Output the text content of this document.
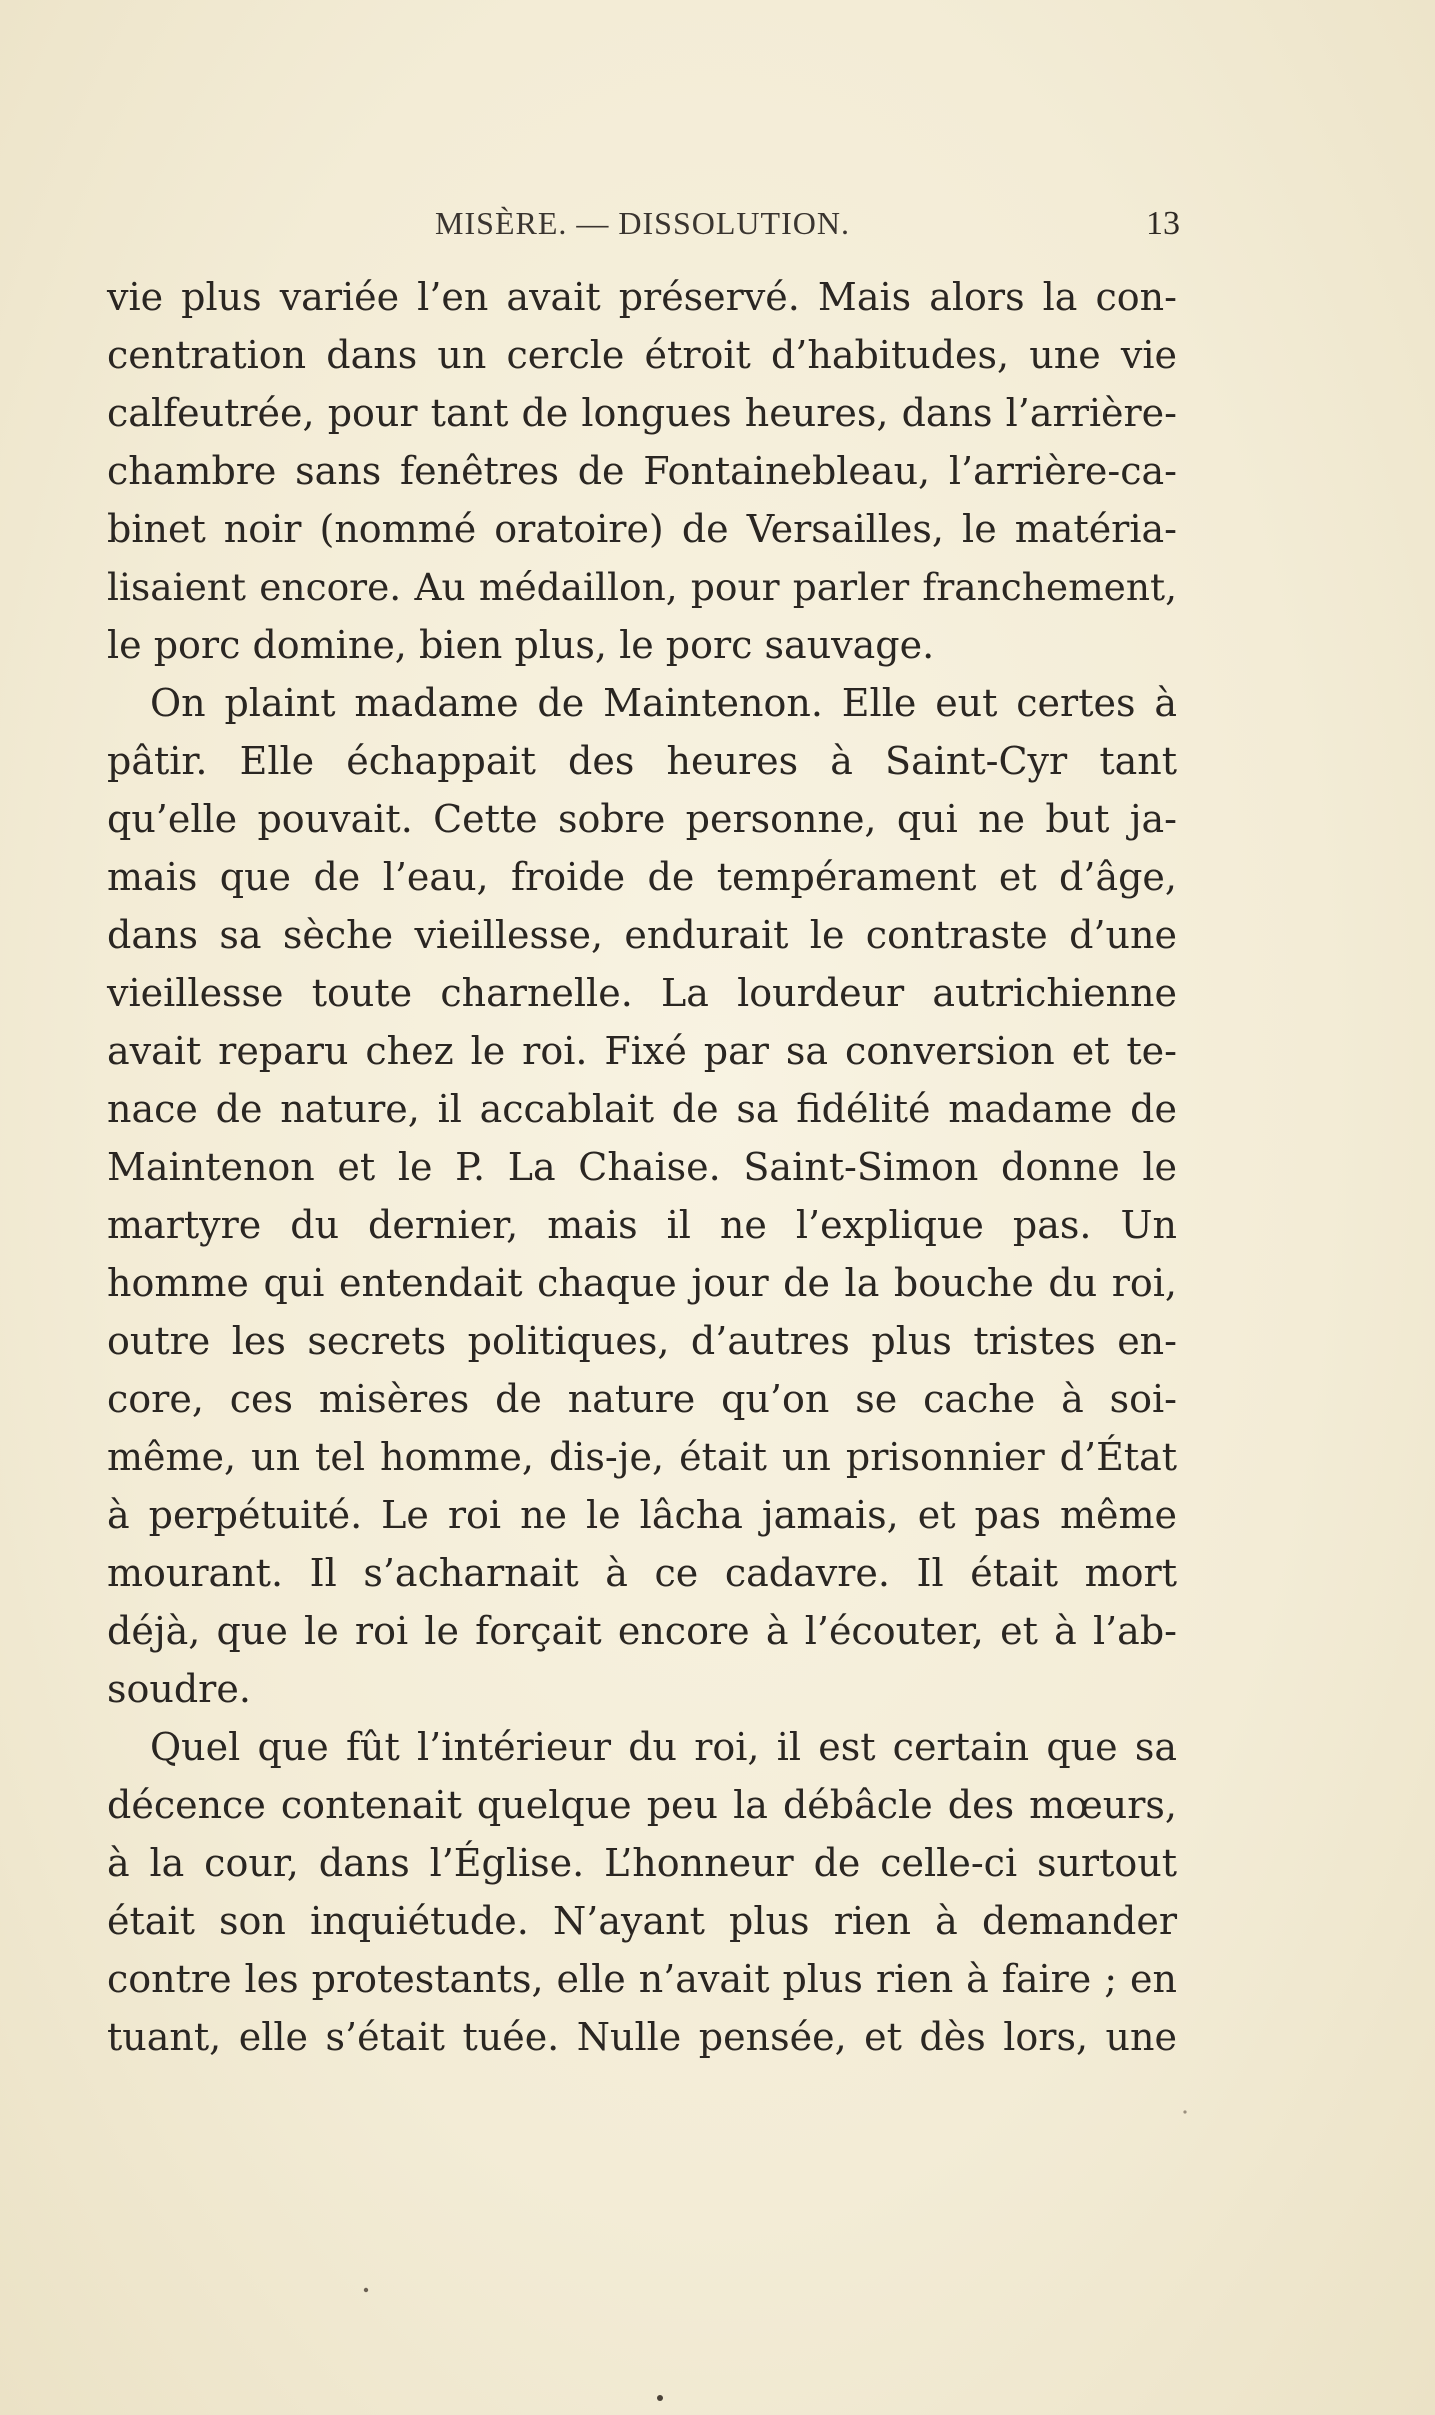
MISÈRE. — DISSOLUTION.	13
vie plus variée l’en avait préservé. Mais alors la con-
centration dans un cercle étroit d’habitudes, une vie
calfeutrée, pour tant de longues heures, dans l’arrière-
chambre sans fenêtres de Fontainebleau, l’arrière-ca-
binet noir (nommé oratoire) de Versailles, le matéria-
lisaient encore. Au médaillon, pour parler franchement,
le porc domine, bien plus, le porc sauvage.
On plaint madame de Maintenon. Elle eut certes à
pâtir. Elle échappait des heures à Saint-Cyr tant
qu’elle pouvait. Cette sobre personne, qui ne but ja-
mais que de l’eau, froide de tempérament et d’âge,
dans sa sèche vieillesse, endurait le contraste d’une
vieillesse toute charnelle. La lourdeur autrichienne
avait reparu chez le roi. Fixé par sa conversion et te-
nace de nature, il accablait de sa fidélité madame de
Maintenon et le P. La Chaise. Saint-Simon donne le
martyre du dernier, mais il ne l’explique pas. Un
homme qui entendait chaque jour de la bouche du roi,
outre les secrets politiques, d’autres plus tristes en-
core, ces misères de nature qu’on se cache à soi-
même, un tel homme, dis-je, était un prisonnier d’État
à perpétuité. Le roi ne le lâcha jamais, et pas même
mourant. Il s’acharnait à ce cadavre. Il était mort
déjà, que le roi le forçait encore à l’écouter, et à l’ab-
soudre.
Quel que fût l’intérieur du roi, il est certain que sa
décence contenait quelque peu la débâcle des mœurs,
à la cour, dans l’Église. L’honneur de celle-ci surtout
était son inquiétude. N’ayant plus rien à demander
contre les protestants, elle n’avait plus rien à faire ; en
tuant, elle s’était tuée. Nulle pensée, et dès lors, une
